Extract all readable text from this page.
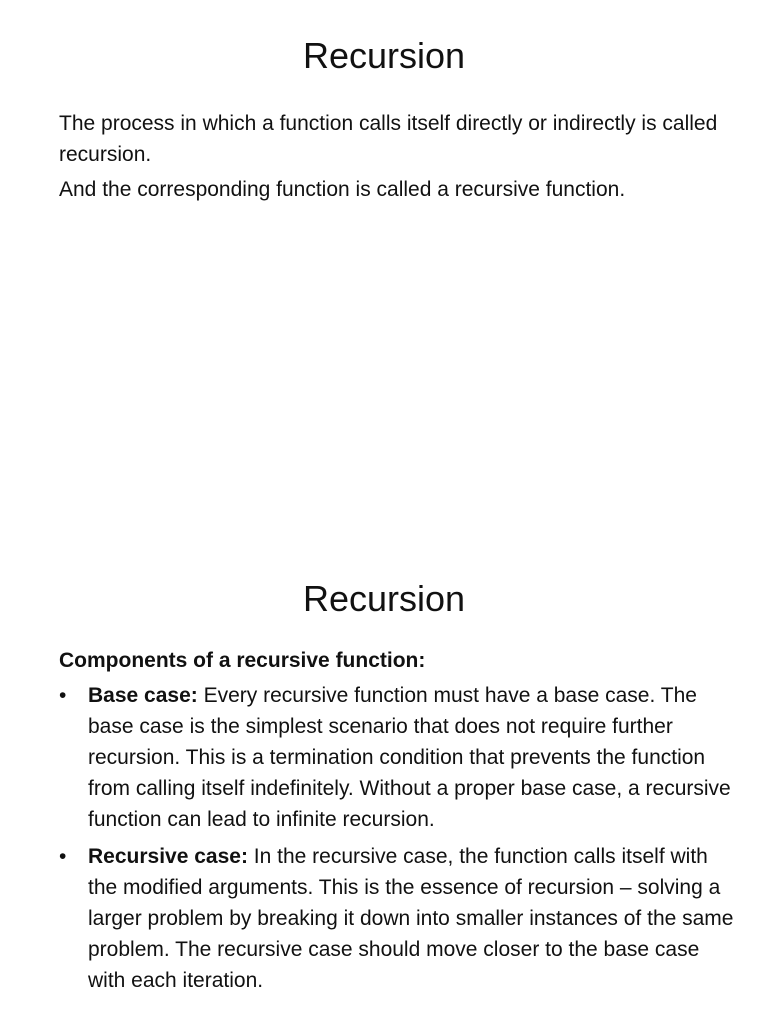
Recursion

The process in which a function calls itself directly or indirectly is called recursion.

And the corresponding function is called a recursive function.

Recursion

Components of a recursive function:

• Base case: Every recursive function must have a base case. The base case is the simplest scenario that does not require further recursion. This is a termination condition that prevents the function from calling itself indefinitely. Without a proper base case, a recursive function can lead to infinite recursion.
• Recursive case: In the recursive case, the function calls itself with the modified arguments. This is the essence of recursion – solving a larger problem by breaking it down into smaller instances of the same problem. The recursive case should move closer to the base case with each iteration.
